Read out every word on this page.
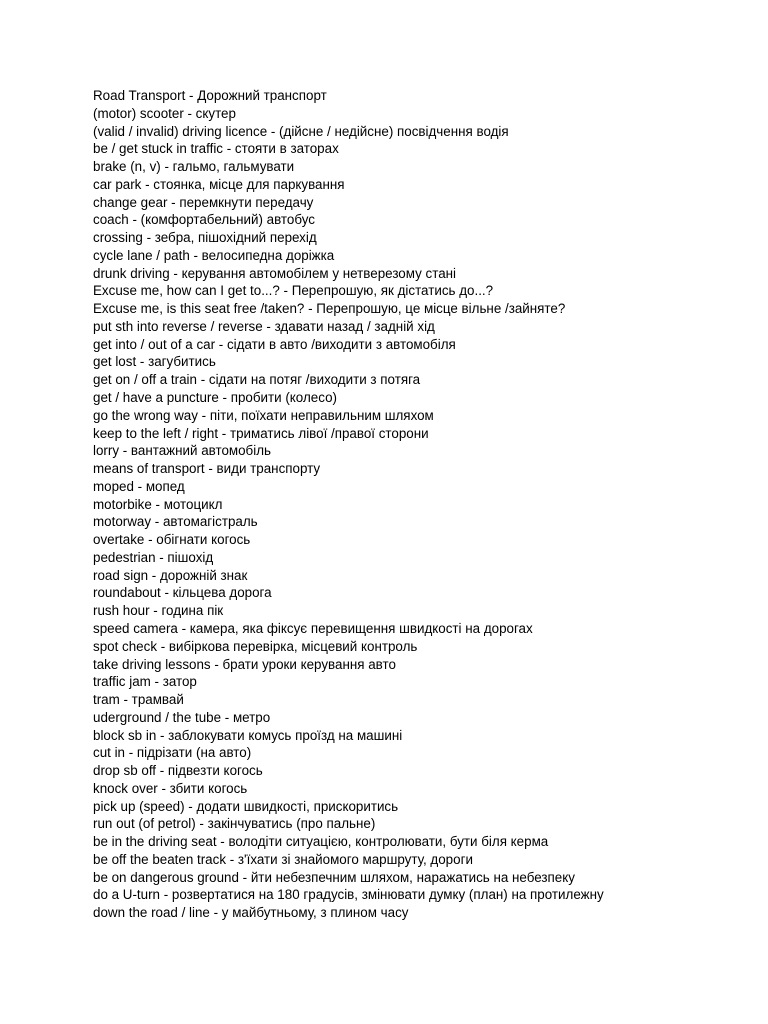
Road Transport - Дорожний транспорт
(motor) scooter - скутер
(valid / invalid) driving licence - (дійсне / недійсне) посвідчення водія
be / get stuck in traffic - стояти в заторах
brake (n, v) - гальмо, гальмувати
car park - стоянка, місце для паркування
change gear - перемкнути передачу
coach - (комфортабельний) автобус
crossing - зебра, пішохідний перехід
cycle lane / path - велосипедна доріжка
drunk driving - керування автомобілем у нетверезому стані
Excuse me, how can I get to...? - Перепрошую, як дістатись до...?
Excuse me, is this seat free /taken? - Перепрошую, це місце вільне /зайняте?
put sth into reverse / reverse - здавати назад / задній хід
get into / out of a car - сідати в авто /виходити з автомобіля
get lost - загубитись
get on / off a train - сідати на потяг /виходити з потяга
get / have a puncture - пробити (колесо)
go the wrong way - піти, поїхати неправильним шляхом
keep to the left / right - триматись лівої /правої сторони
lorry - вантажний автомобіль
means of transport - види транспорту
moped - мопед
motorbike - мотоцикл
motorway - автомагістраль
overtake - обігнати когось
pedestrian - пішохід
road sign - дорожній знак
roundabout - кільцева дорога
rush hour - година пік
speed camera - камера, яка фіксує перевищення швидкості на дорогах
spot check - вибіркова перевірка, місцевий контроль
take driving lessons - брати уроки керування авто
traffic jam - затор
tram - трамвай
uderground / the tube - метро
block sb in - заблокувати комусь проїзд на машині
cut in - підрізати (на авто)
drop sb off - підвезти когось
knock over - збити когось
pick up (speed) - додати швидкості, прискоритись
run out (of petrol) - закінчуватись (про пальне)
be in the driving seat - володіти ситуацією, контролювати, бути біля керма
be off the beaten track - з'їхати зі знайомого маршруту, дороги
be on dangerous ground - йти небезпечним шляхом, наражатись на небезпеку
do a U-turn - розвертатися на 180 градусів, змінювати думку (план) на протилежну
down the road / line - у майбутньому, з плином часу
